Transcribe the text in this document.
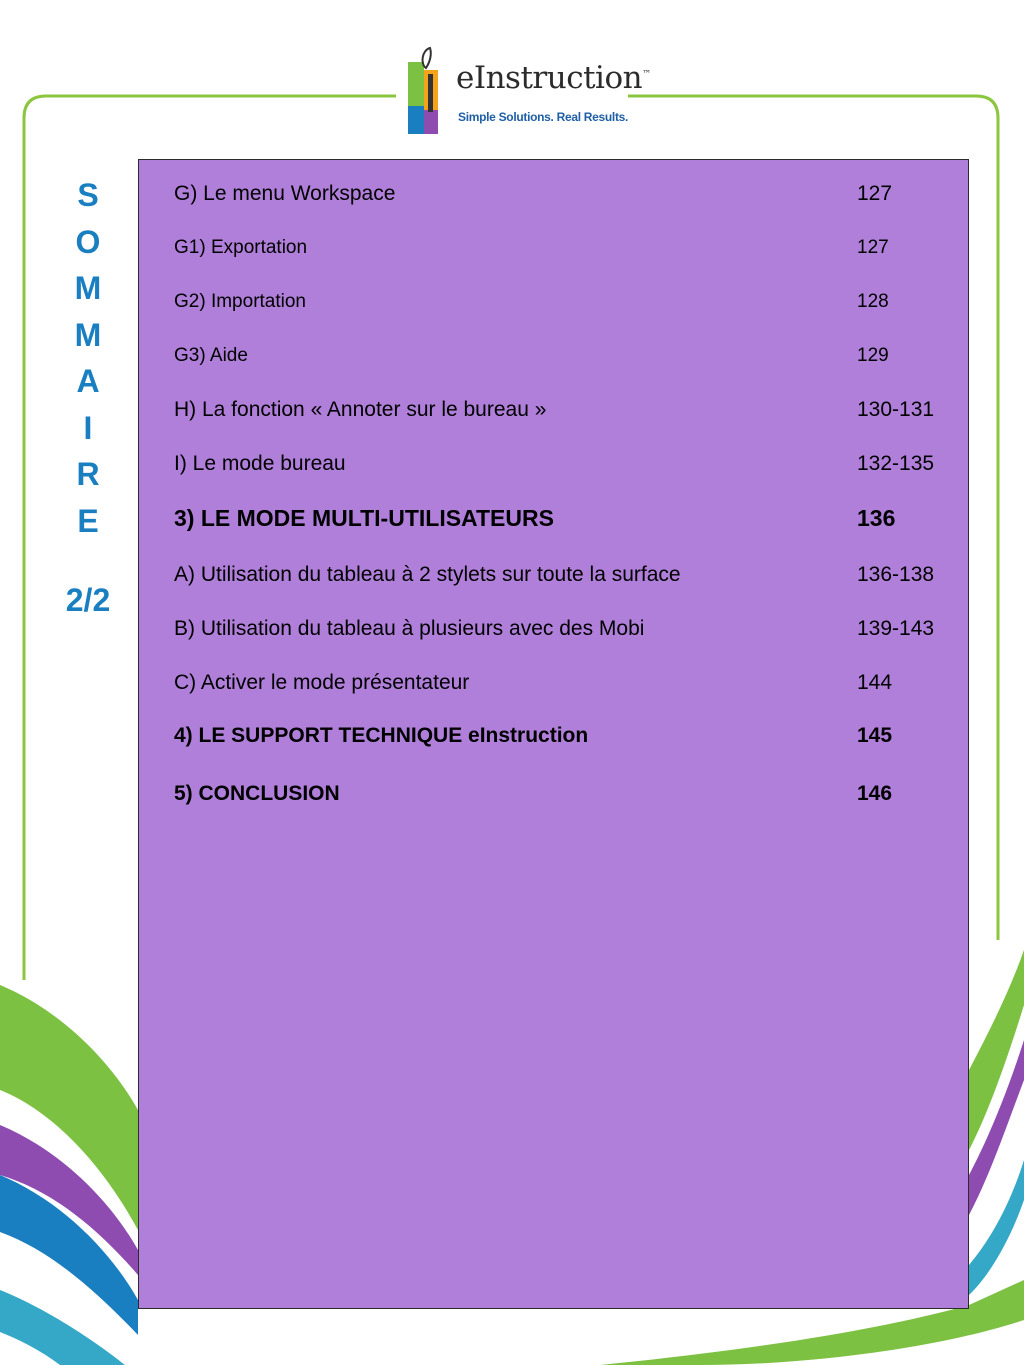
eInstruction™
Simple Solutions. Real Results.
S
O
M
M
A
I
R
E
2/2
G) Le menu Workspace	127
G1) Exportation	127
G2) Importation	128
G3) Aide	129
H) La fonction « Annoter sur le bureau »	130-131
I) Le mode bureau	132-135
3) LE MODE MULTI-UTILISATEURS	136
A) Utilisation du tableau à 2 stylets sur toute la surface	136-138
B) Utilisation du tableau à plusieurs avec des Mobi	139-143
C) Activer le mode présentateur	144
4) LE SUPPORT TECHNIQUE eInstruction	145
5) CONCLUSION	146
